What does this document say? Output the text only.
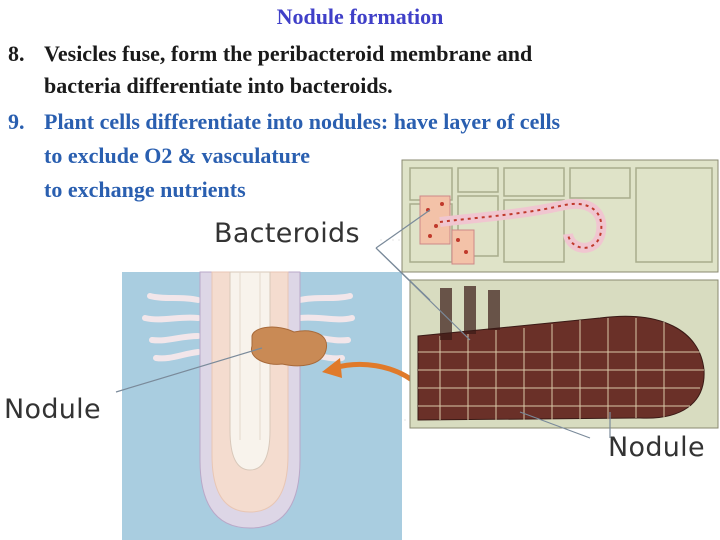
Nodule formation
8. Vesicles fuse, form the peribacteroid membrane and
bacteria differentiate into bacteroids.
9. Plant cells differentiate into nodules: have layer of cells
to exclude O2 & vasculature
to exchange nutrients
Bacteroids
Nodule
Nodule
